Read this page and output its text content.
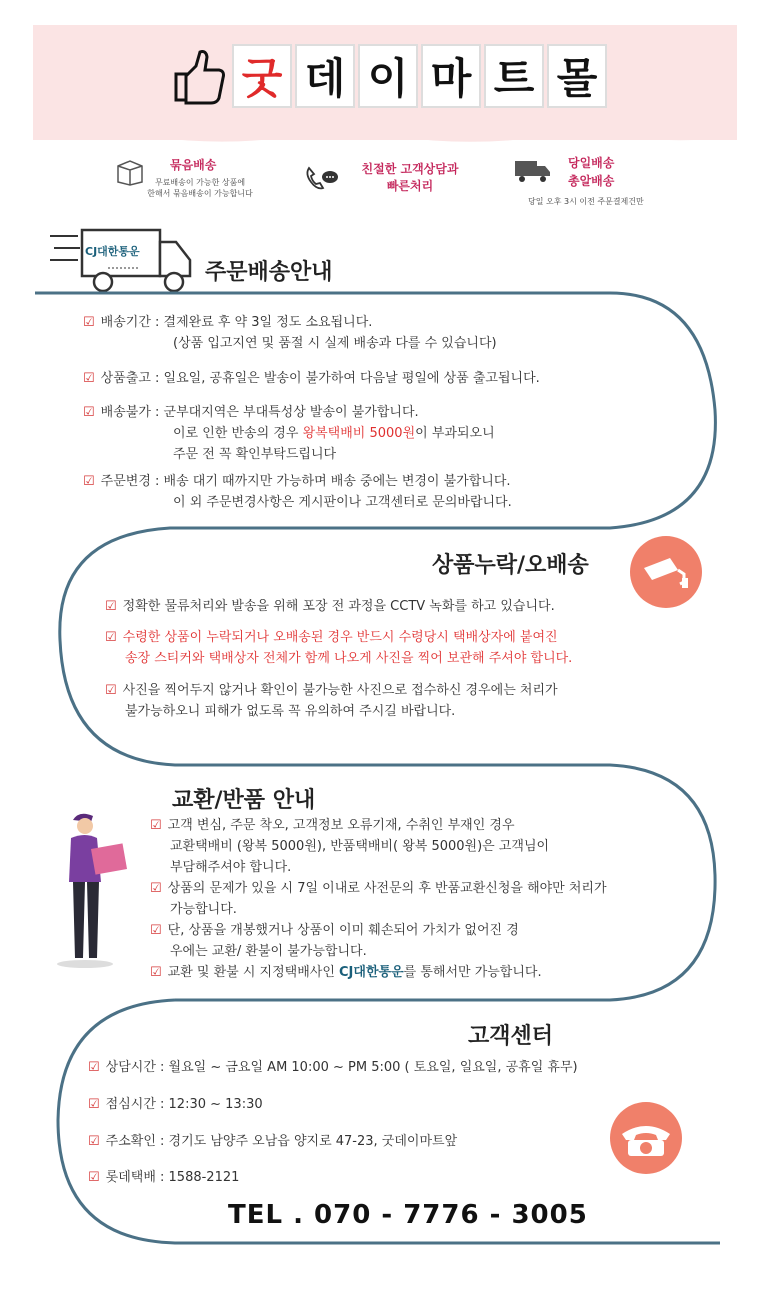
굿 데 이 마 트 몰
묶음배송
무료배송이 가능한 상품에
한해서 묶음배송이 가능합니다
친절한 고객상담과
빠른처리
당일배송
총알배송
당일 오후 3시 이전 주문결제건만
CJ대한통운
주문배송안내
☑ 배송기간 : 결제완료 후 약 3일 정도 소요됩니다.
(상품 입고지연 및 품절 시 실제 배송과 다를 수 있습니다)
☑ 상품출고 : 일요일, 공휴일은 발송이 불가하여 다음날 평일에 상품 출고됩니다.
☑ 배송불가 : 군부대지역은 부대특성상 발송이 불가합니다.
이로 인한 반송의 경우 왕복택배비 5000원이 부과되오니
주문 전 꼭 확인부탁드립니다
☑ 주문변경 : 배송 대기 때까지만 가능하며 배송 중에는 변경이 불가합니다.
이 외 주문변경사항은 게시판이나 고객센터로 문의바랍니다.
상품누락/오배송
☑ 정확한 물류처리와 발송을 위해 포장 전 과정을 CCTV 녹화를 하고 있습니다.
☑ 수령한 상품이 누락되거나 오배송된 경우 반드시 수령당시 택배상자에 붙여진
송장 스티커와 택배상자 전체가 함께 나오게 사진을 찍어 보관해 주셔야 합니다.
☑ 사진을 찍어두지 않거나 확인이 불가능한 사진으로 접수하신 경우에는 처리가
불가능하오니 피해가 없도록 꼭 유의하여 주시길 바랍니다.
교환/반품 안내
☑ 고객 변심, 주문 착오, 고객정보 오류기재, 수취인 부재인 경우
교환택배비 (왕복 5000원), 반품택배비( 왕복 5000원)은 고객님이
부담해주셔야 합니다.
☑ 상품의 문제가 있을 시 7일 이내로 사전문의 후 반품교환신청을 해야만 처리가
가능합니다.
☑ 단, 상품을 개봉했거나 상품이 이미 훼손되어 가치가 없어진 경
우에는 교환/ 환불이 불가능합니다.
☑ 교환 및 환불 시 지정택배사인 CJ대한통운를 통해서만 가능합니다.
고객센터
☑ 상담시간 : 월요일 ~ 금요일 AM 10:00 ~ PM 5:00 ( 토요일, 일요일, 공휴일 휴무)
☑ 점심시간 : 12:30 ~ 13:30
☑ 주소확인 : 경기도 남양주 오남읍 양지로 47-23, 굿데이마트앞
☑ 롯데택배 : 1588-2121
TEL . 070 - 7776 - 3005
